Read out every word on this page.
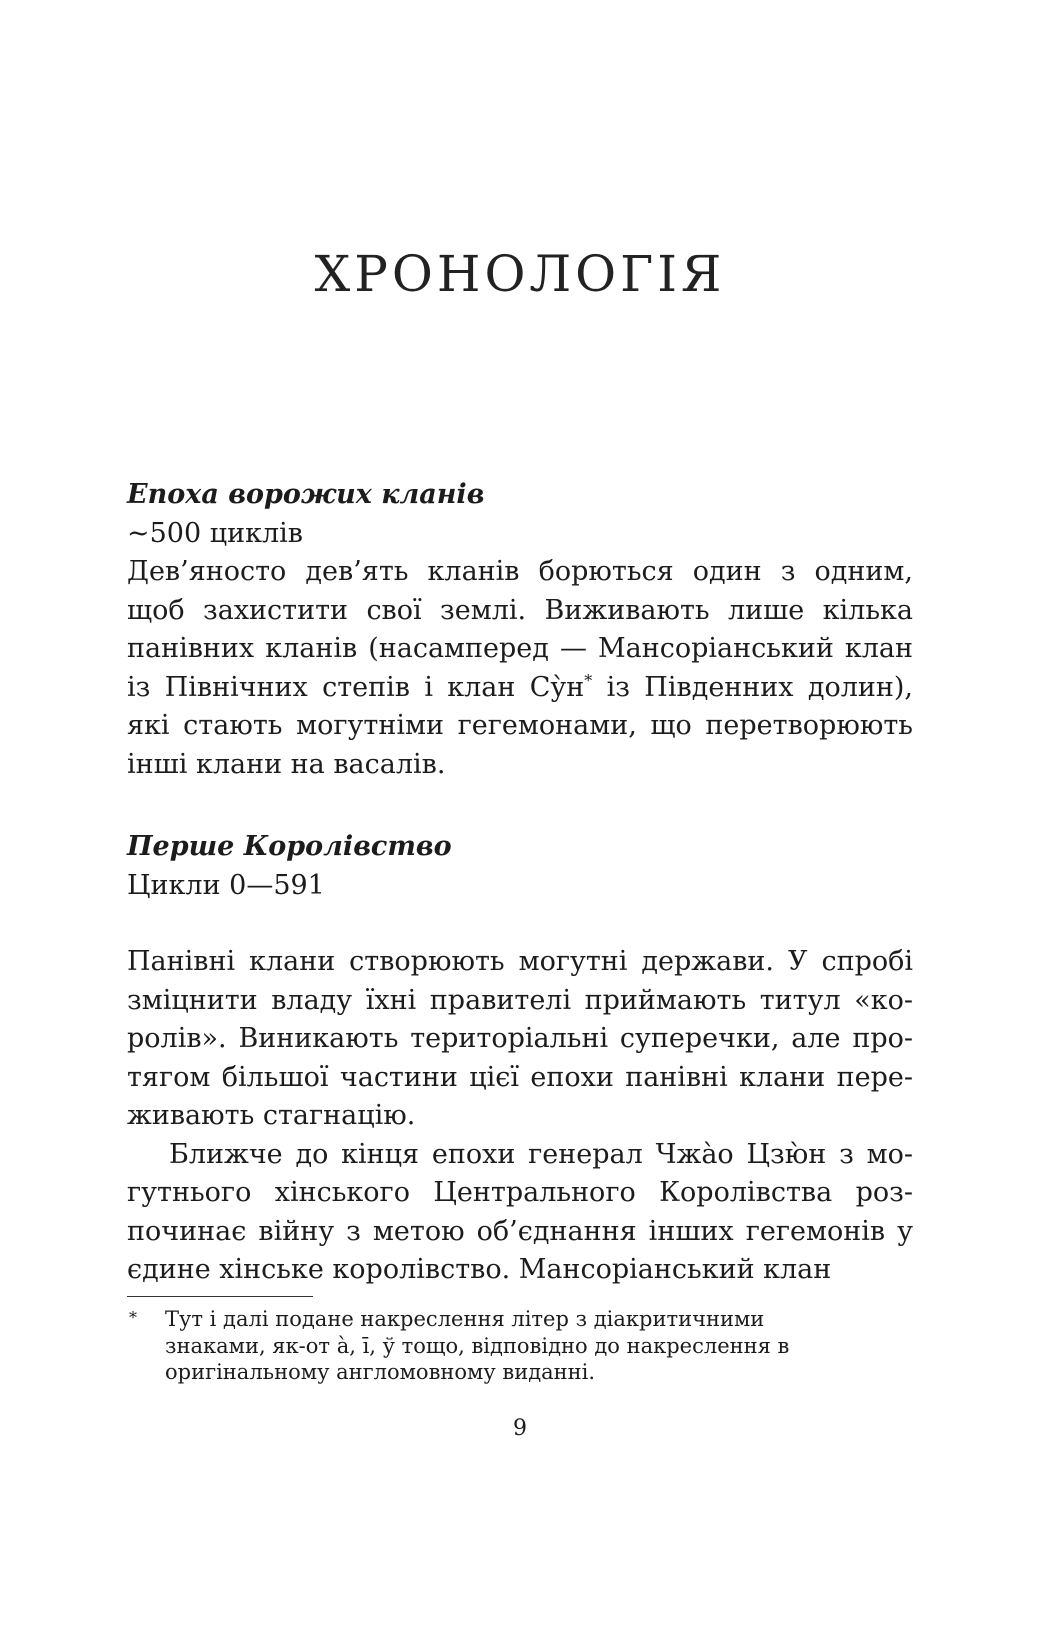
ХРОНОЛОГІЯ
Епоха ворожих кланів

~500 циклів

Дев’яносто дев’ять кланів борються один з одним, щоб захистити свої землі. Виживають лише кілька панівних кланів (насамперед — Мансоріанський клан із Північних степів і клан Су̀н* із Південних долин), які стають могутніми гегемонами, що перетворюють інші клани на васалів.

Перше Королівство

Цикли 0—591

Панівні клани створюють могутні держави. У спробі зміцнити владу їхні правителі приймають титул «королів». Виникають територіальні суперечки, але протягом більшої частини цієї епохи панівні клани переживають стагнацію.

Ближче до кінця епохи генерал Чжа̀о Цзю̀н з могутнього хінського Центрального Королівства розпочинає війну з метою об’єднання інших гегемонів у єдине хінське королівство. Мансоріанський клан

*	Тут і далі подане накреслення літер з діакритичними знаками, як-от а̀, ī, ў тощо, відповідно до накреслення в оригінальному англомовному виданні.
9
